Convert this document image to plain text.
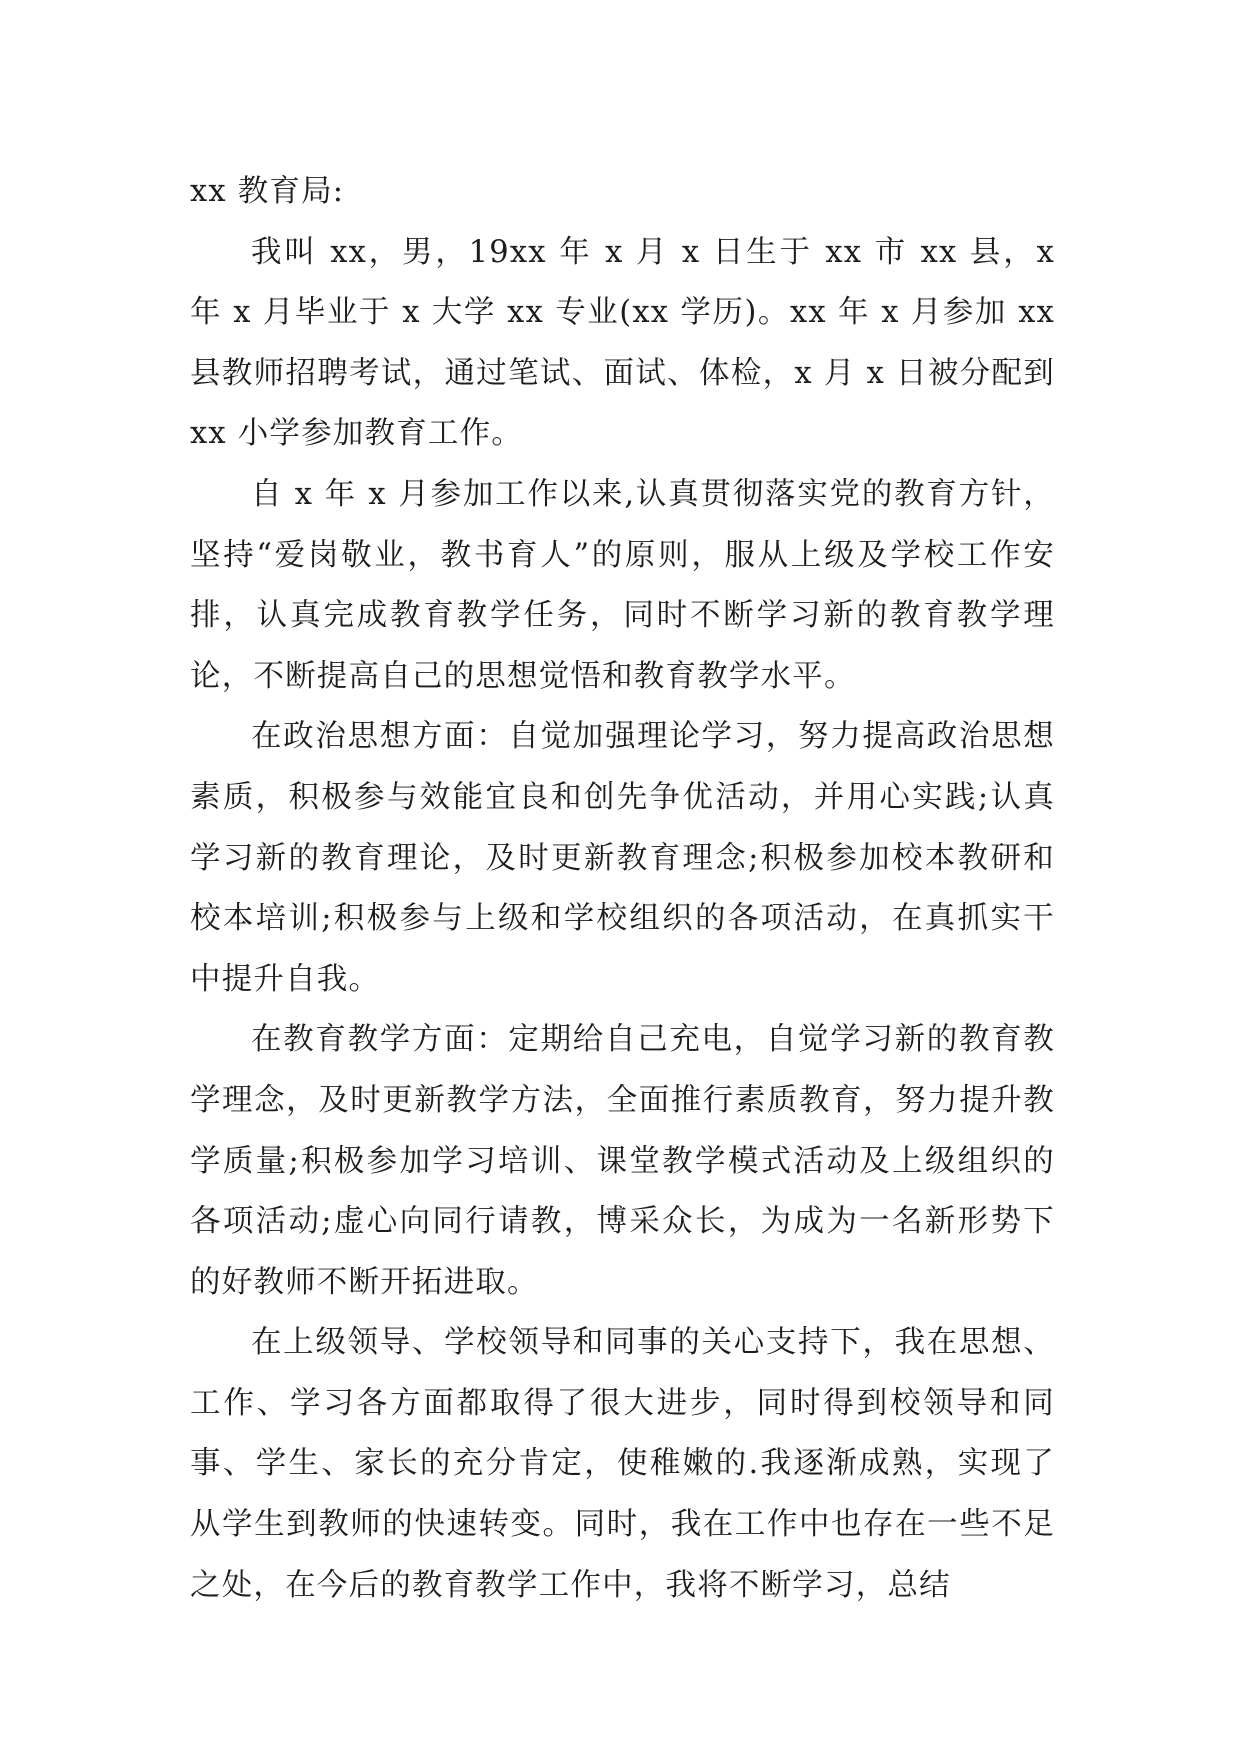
xx 教育局:

我叫 xx，男，19xx 年 x 月 x 日生于 xx 市 xx 县，x 年 x 月毕业于 x 大学 xx 专业(xx 学历)。xx 年 x 月参加 xx 县教师招聘考试，通过笔试、面试、体检，x 月 x 日被分配到 xx 小学参加教育工作。

自 x 年 x 月参加工作以来,认真贯彻落实党的教育方针，坚持“爱岗敬业，教书育人”的原则，服从上级及学校工作安排，认真完成教育教学任务，同时不断学习新的教育教学理论，不断提高自己的思想觉悟和教育教学水平。

在政治思想方面：自觉加强理论学习，努力提高政治思想素质，积极参与效能宜良和创先争优活动，并用心实践;认真学习新的教育理论，及时更新教育理念;积极参加校本教研和校本培训;积极参与上级和学校组织的各项活动，在真抓实干中提升自我。

在教育教学方面：定期给自己充电，自觉学习新的教育教学理念，及时更新教学方法，全面推行素质教育，努力提升教学质量;积极参加学习培训、课堂教学模式活动及上级组织的各项活动;虚心向同行请教，博采众长，为成为一名新形势下的好教师不断开拓进取。

在上级领导、学校领导和同事的关心支持下，我在思想、工作、学习各方面都取得了很大进步，同时得到校领导和同事、学生、家长的充分肯定，使稚嫩的.我逐渐成熟，实现了从学生到教师的快速转变。同时，我在工作中也存在一些不足之处，在今后的教育教学工作中，我将不断学习，总结
